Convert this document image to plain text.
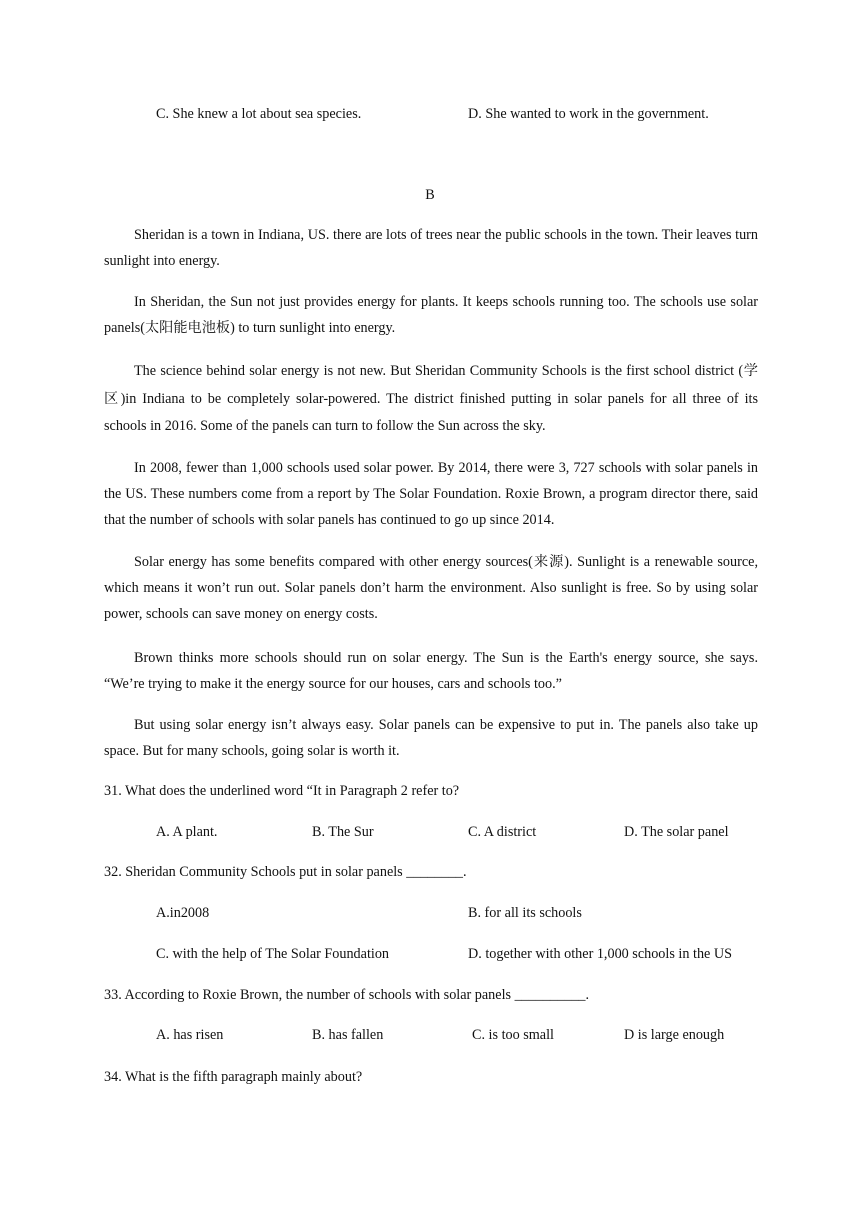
C. She knew a lot about sea species.	D. She wanted to work in the government.
B

Sheridan is a town in Indiana, US. there are lots of trees near the public schools in the town. Their leaves turn sunlight into energy.

In Sheridan, the Sun not just provides energy for plants. It keeps schools running too. The schools use solar panels(太阳能电池板) to turn sunlight into energy.

The science behind solar energy is not new. But Sheridan Community Schools is the first school district (学区)in Indiana to be completely solar-powered. The district finished putting in solar panels for all three of its schools in 2016. Some of the panels can turn to follow the Sun across the sky.

In 2008, fewer than 1,000 schools used solar power. By 2014, there were 3, 727 schools with solar panels in the US. These numbers come from a report by The Solar Foundation. Roxie Brown, a program director there, said that the number of schools with solar panels has continued to go up since 2014.

Solar energy has some benefits compared with other energy sources(来源). Sunlight is a renewable source, which means it won’t run out. Solar panels don’t harm the environment. Also sunlight is free. So by using solar power, schools can save money on energy costs.

Brown thinks more schools should run on solar energy. The Sun is the Earth's energy source, she says. “We’re trying to make it the energy source for our houses, cars and schools too.”

But using solar energy isn’t always easy. Solar panels can be expensive to put in. The panels also take up space. But for many schools, going solar is worth it.

31. What does the underlined word “It in Paragraph 2 refer to?
A. A plant.	B. The Sur	C. A district	D. The solar panel
32. Sheridan Community Schools put in solar panels ________.
A.in2008	B. for all its schools
C. with the help of The Solar Foundation	D. together with other 1,000 schools in the US
33. According to Roxie Brown, the number of schools with solar panels __________.
A. has risen	B. has fallen	C. is too small	D is large enough
34. What is the fifth paragraph mainly about?
